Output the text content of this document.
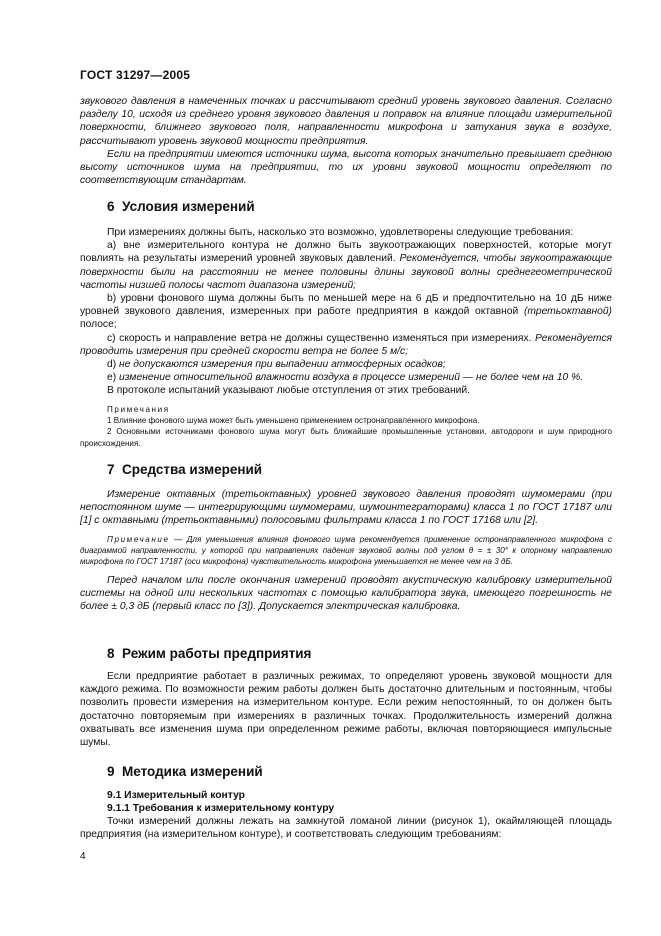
ГОСТ 31297—2005

звукового давления в намеченных точках и рассчитывают средний уровень звукового давления. Согласно разделу 10, исходя из среднего уровня звукового давления и поправок на влияние площади измерительной поверхности, ближнего звукового поля, направленности микрофона и затухания звука в воздухе, рассчитывают уровень звуковой мощности предприятия.

Если на предприятии имеются источники шума, высота которых значительно превышает среднюю высоту источников шума на предприятии, то их уровни звуковой мощности определяют по соответствующим стандартам.

6 Условия измерений

При измерениях должны быть, насколько это возможно, удовлетворены следующие требования:

a) вне измерительного контура не должно быть звукоотражающих поверхностей, которые могут повлиять на результаты измерений уровней звуковых давлений. Рекомендуется, чтобы звукоотражающие поверхности были на расстоянии не менее половины длины звуковой волны среднегеометрической частоты низшей полосы частот диапазона измерений;

b) уровни фонового шума должны быть по меньшей мере на 6 дБ и предпочтительно на 10 дБ ниже уровней звукового давления, измеренных при работе предприятия в каждой октавной (третьоктавной) полосе;

c) скорость и направление ветра не должны существенно изменяться при измерениях. Рекомендуется проводить измерения при средней скорости ветра не более 5 м/с;

d) не допускаются измерения при выпадении атмосферных осадков;

e) изменение относительной влажности воздуха в процессе измерений — не более чем на 10 %.

В протоколе испытаний указывают любые отступления от этих требований.

Примечания

1 Влияние фонового шума может быть уменьшено применением остронаправленного микрофона.

2 Основными источниками фонового шума могут быть ближайшие промышленные установки, автодороги и шум природного происхождения.

7 Средства измерений

Измерение октавных (третьоктавных) уровней звукового давления проводят шумомерами (при непостоянном шуме — интегрирующими шумомерами, шумоинтеграторами) класса 1 по ГОСТ 17187 или [1] с октавными (третьоктавными) полосовыми фильтрами класса 1 по ГОСТ 17168 или [2].

Примечание — Для уменьшения влияния фонового шума рекомендуется применение остронаправленного микрофона с диаграммой направленности, у которой при направлениях падения звуковой волны под углом θ = ± 30° к опорному направлению микрофона по ГОСТ 17187 (оси микрофона) чувствительность микрофона уменьшается не менее чем на 3 дБ.

Перед началом или после окончания измерений проводят акустическую калибровку измерительной системы на одной или нескольких частотах с помощью калибратора звука, имеющего погрешность не более ± 0,3 дБ (первый класс по [3]). Допускается электрическая калибровка.

8 Режим работы предприятия

Если предприятие работает в различных режимах, то определяют уровень звуковой мощности для каждого режима. По возможности режим работы должен быть достаточно длительным и постоянным, чтобы позволить провести измерения на измерительном контуре. Если режим непостоянный, то он должен быть достаточно повторяемым при измерениях в различных точках. Продолжительность измерений должна охватывать все изменения шума при определенном режиме работы, включая повторяющиеся импульсные шумы.

9 Методика измерений

9.1 Измерительный контур

9.1.1 Требования к измерительному контуру

Точки измерений должны лежать на замкнутой ломаной линии (рисунок 1), окаймляющей площадь предприятия (на измерительном контуре), и соответствовать следующим требованиям:

4
